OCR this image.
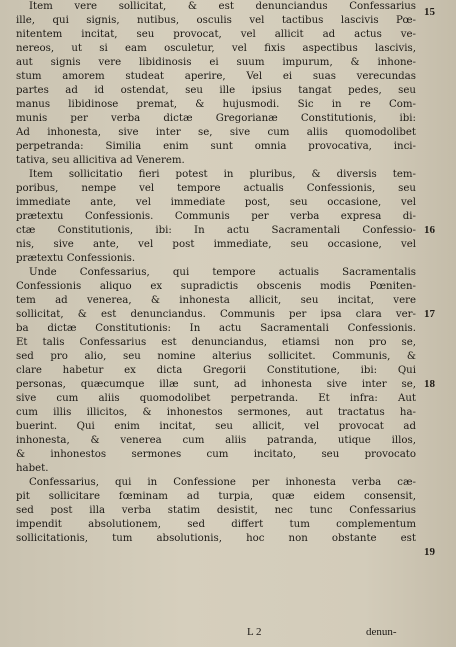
Item vere sollicitat, & est denunciandus Confessarius
ille, qui signis, nutibus, osculis vel tactibus lascivis Pœ-
nitentem incitat, seu provocat, vel allicit ad actus ve-
nereos, ut si eam osculetur, vel fixis aspectibus lascivis,
aut signis vere libidinosis ei suum impurum, & inhone-
stum amorem studeat aperire, Vel ei suas verecundas
partes ad id ostendat, seu ille ipsius tangat pedes, seu
manus libidinose premat, & hujusmodi. Sic in re Com-
munis per verba dictæ Gregorianæ Constitutionis, ibi:
Ad inhonesta, sive inter se, sive cum aliis quomodolibet
perpetranda: Similia enim sunt omnia provocativa, inci-
tativa, seu allicitiva ad Venerem.

Item sollicitatio fieri potest in pluribus, & diversis tem-
poribus, nempe vel tempore actualis Confessionis, seu
immediate ante, vel immediate post, seu occasione, vel
prætextu Confessionis. Communis per verba expresa di-
ctæ Constitutionis, ibi: In actu Sacramentali Confessio-
nis, sive ante, vel post immediate, seu occasione, vel
prætextu Confessionis.

Unde Confessarius, qui tempore actualis Sacramentalis
Confessionis aliquo ex supradictis obscenis modis Pœniten-
tem ad venerea, & inhonesta allicit, seu incitat, vere
sollicitat, & est denunciandus. Communis per ipsa clara ver-
ba dictæ Constitutionis: In actu Sacramentali Confessionis.
Et talis Confessarius est denunciandus, etiamsi non pro se,
sed pro alio, seu nomine alterius sollicitet. Communis, &
clare habetur ex dicta Gregorii Constitutione, ibi: Qui
personas, quæcumque illæ sunt, ad inhonesta sive inter se,
sive cum aliis quomodolibet perpetranda. Et infra: Aut
cum illis illicitos, & inhonestos sermones, aut tractatus ha-
buerint. Qui enim incitat, seu allicit, vel provocat ad
inhonesta, & venerea cum aliis patranda, utique illos,
& inhonestos sermones cum incitato, seu provocato
habet.

Confessarius, qui in Confessione per inhonesta verba cæ-
pit sollicitare fœminam ad turpia, quæ eidem consensit,
sed post illa verba statim desistit, nec tunc Confessarius
impendit absolutionem, sed differt tum complementum
sollicitationis, tum absolutionis, hoc non obstante est

15
16
17
18
19
L 2	denun-
